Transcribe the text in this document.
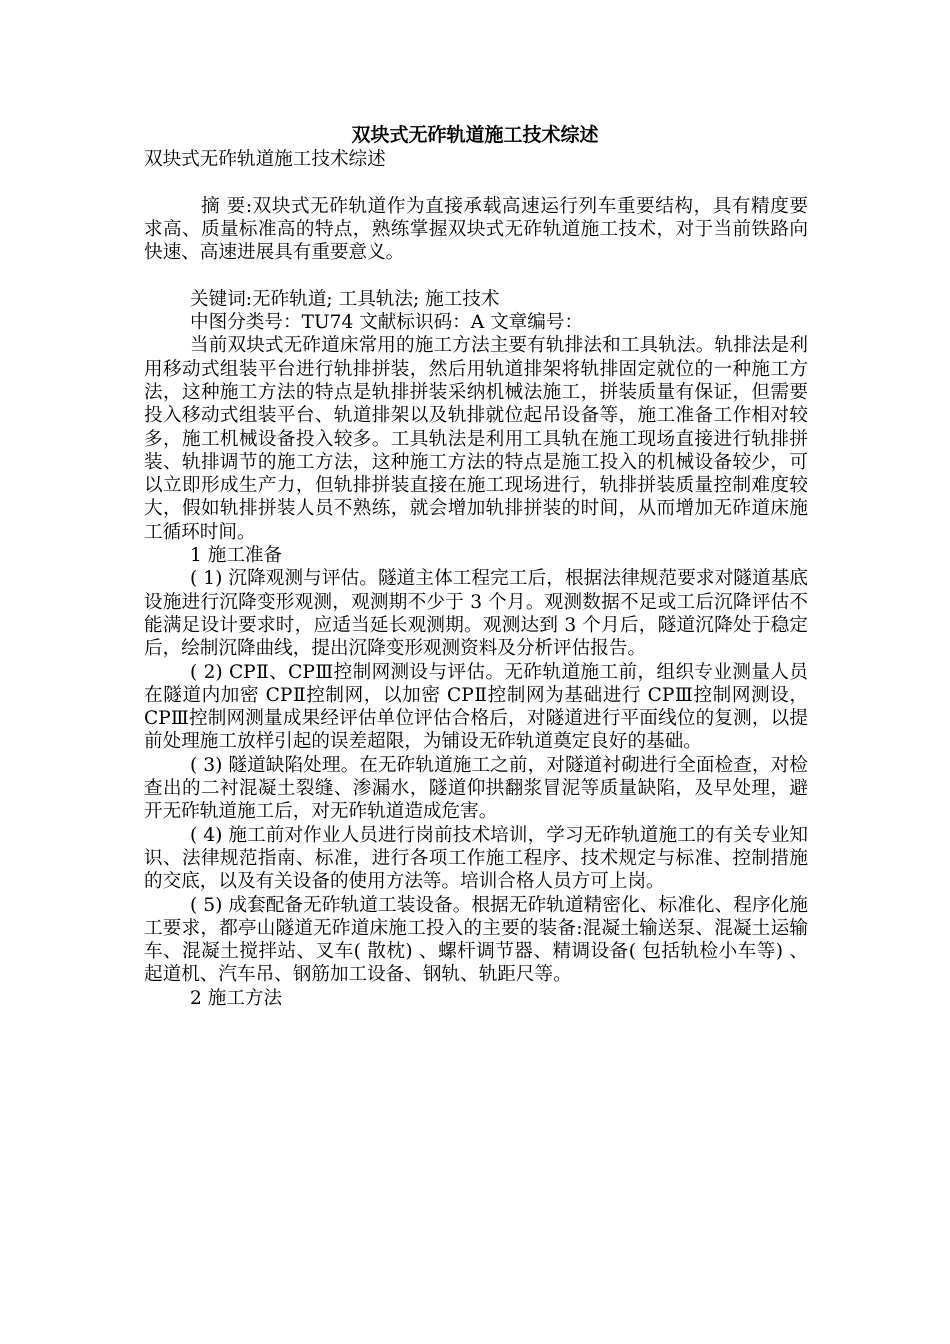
双块式无砟轨道施工技术综述

双块式无砟轨道施工技术综述

摘 要:双块式无砟轨道作为直接承载高速运行列车重要结构，具有精度要求高、质量标准高的特点，熟练掌握双块式无砟轨道施工技术，对于当前铁路向快速、高速进展具有重要意义。

关键词:无砟轨道; 工具轨法; 施工技术

中图分类号：TU74 文献标识码：A 文章编号：

当前双块式无砟道床常用的施工方法主要有轨排法和工具轨法。轨排法是利用移动式组装平台进行轨排拼装，然后用轨道排架将轨排固定就位的一种施工方法，这种施工方法的特点是轨排拼装采纳机械法施工，拼装质量有保证，但需要投入移动式组装平台、轨道排架以及轨排就位起吊设备等，施工准备工作相对较多，施工机械设备投入较多。工具轨法是利用工具轨在施工现场直接进行轨排拼装、轨排调节的施工方法，这种施工方法的特点是施工投入的机械设备较少，可以立即形成生产力，但轨排拼装直接在施工现场进行，轨排拼装质量控制难度较大，假如轨排拼装人员不熟练，就会增加轨排拼装的时间，从而增加无砟道床施工循环时间。

1 施工准备

( 1) 沉降观测与评估。隧道主体工程完工后，根据法律规范要求对隧道基底设施进行沉降变形观测，观测期不少于 3 个月。观测数据不足或工后沉降评估不能满足设计要求时，应适当延长观测期。观测达到 3 个月后，隧道沉降处于稳定后，绘制沉降曲线，提出沉降变形观测资料及分析评估报告。

( 2) CPⅡ、CPⅢ控制网测设与评估。无砟轨道施工前，组织专业测量人员在隧道内加密 CPⅡ控制网，以加密 CPⅡ控制网为基础进行 CPⅢ控制网测设，CPⅢ控制网测量成果经评估单位评估合格后，对隧道进行平面线位的复测，以提前处理施工放样引起的误差超限，为铺设无砟轨道奠定良好的基础。

( 3) 隧道缺陷处理。在无砟轨道施工之前，对隧道衬砌进行全面检查，对检查出的二衬混凝土裂缝、渗漏水，隧道仰拱翻浆冒泥等质量缺陷，及早处理，避开无砟轨道施工后，对无砟轨道造成危害。

( 4) 施工前对作业人员进行岗前技术培训，学习无砟轨道施工的有关专业知识、法律规范指南、标准，进行各项工作施工程序、技术规定与标准、控制措施的交底，以及有关设备的使用方法等。培训合格人员方可上岗。

( 5) 成套配备无砟轨道工装设备。根据无砟轨道精密化、标准化、程序化施工要求，都亭山隧道无砟道床施工投入的主要的装备:混凝土输送泵、混凝土运输车、混凝土搅拌站、叉车( 散枕) 、螺杆调节器、精调设备( 包括轨检小车等) 、起道机、汽车吊、钢筋加工设备、钢轨、轨距尺等。

2 施工方法
